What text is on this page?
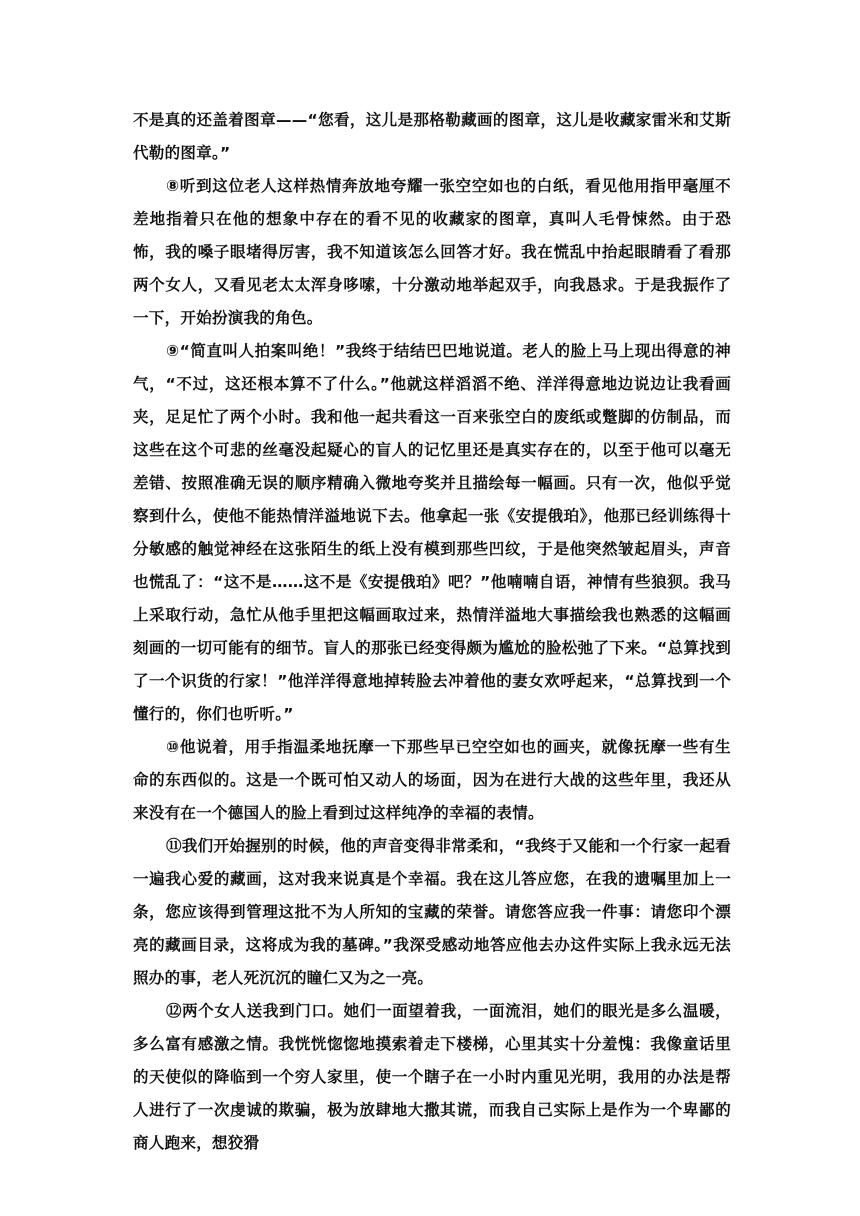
不是真的还盖着图章——“您看，这儿是那格勒藏画的图章，这儿是收藏家雷米和艾斯代勒的图章。”

⑧听到这位老人这样热情奔放地夸耀一张空空如也的白纸，看见他用指甲毫厘不差地指着只在他的想象中存在的看不见的收藏家的图章，真叫人毛骨悚然。由于恐怖，我的嗓子眼堵得厉害，我不知道该怎么回答才好。我在慌乱中抬起眼睛看了看那两个女人，又看见老太太浑身哆嗦，十分激动地举起双手，向我恳求。于是我振作了一下，开始扮演我的角色。

⑨“简直叫人拍案叫绝！”我终于结结巴巴地说道。老人的脸上马上现出得意的神气，“不过，这还根本算不了什么。”他就这样滔滔不绝、洋洋得意地边说边让我看画夹，足足忙了两个小时。我和他一起共看这一百来张空白的废纸或蹩脚的仿制品，而这些在这个可悲的丝毫没起疑心的盲人的记忆里还是真实存在的，以至于他可以毫无差错、按照准确无误的顺序精确入微地夸奖并且描绘每一幅画。只有一次，他似乎觉察到什么，使他不能热情洋溢地说下去。他拿起一张《安提俄珀》，他那已经训练得十分敏感的触觉神经在这张陌生的纸上没有模到那些凹纹，于是他突然皱起眉头，声音也慌乱了：“这不是……这不是《安提俄珀》吧？”他喃喃自语，神情有些狼狈。我马上采取行动，急忙从他手里把这幅画取过来，热情洋溢地大事描绘我也熟悉的这幅画刻画的一切可能有的细节。盲人的那张已经变得颇为尴尬的脸松弛了下来。“总算找到了一个识货的行家！”他洋洋得意地掉转脸去冲着他的妻女欢呼起来，“总算找到一个懂行的，你们也听听。”

⑩他说着，用手指温柔地抚摩一下那些早已空空如也的画夹，就像抚摩一些有生命的东西似的。这是一个既可怕又动人的场面，因为在进行大战的这些年里，我还从来没有在一个德国人的脸上看到过这样纯净的幸福的表情。

⑪我们开始握别的时候，他的声音变得非常柔和，“我终于又能和一个行家一起看一遍我心爱的藏画，这对我来说真是个幸福。我在这儿答应您，在我的遗嘱里加上一条，您应该得到管理这批不为人所知的宝藏的荣誉。请您答应我一件事：请您印个漂亮的藏画目录，这将成为我的墓碑。”我深受感动地答应他去办这件实际上我永远无法照办的事，老人死沉沉的瞳仁又为之一亮。

⑫两个女人送我到门口。她们一面望着我，一面流泪，她们的眼光是多么温暖，多么富有感激之情。我恍恍惚惚地摸索着走下楼梯，心里其实十分羞愧：我像童话里的天使似的降临到一个穷人家里，使一个瞎子在一小时内重见光明，我用的办法是帮人进行了一次虔诚的欺骗，极为放肆地大撒其谎，而我自己实际上是作为一个卑鄙的商人跑来，想狡猾
